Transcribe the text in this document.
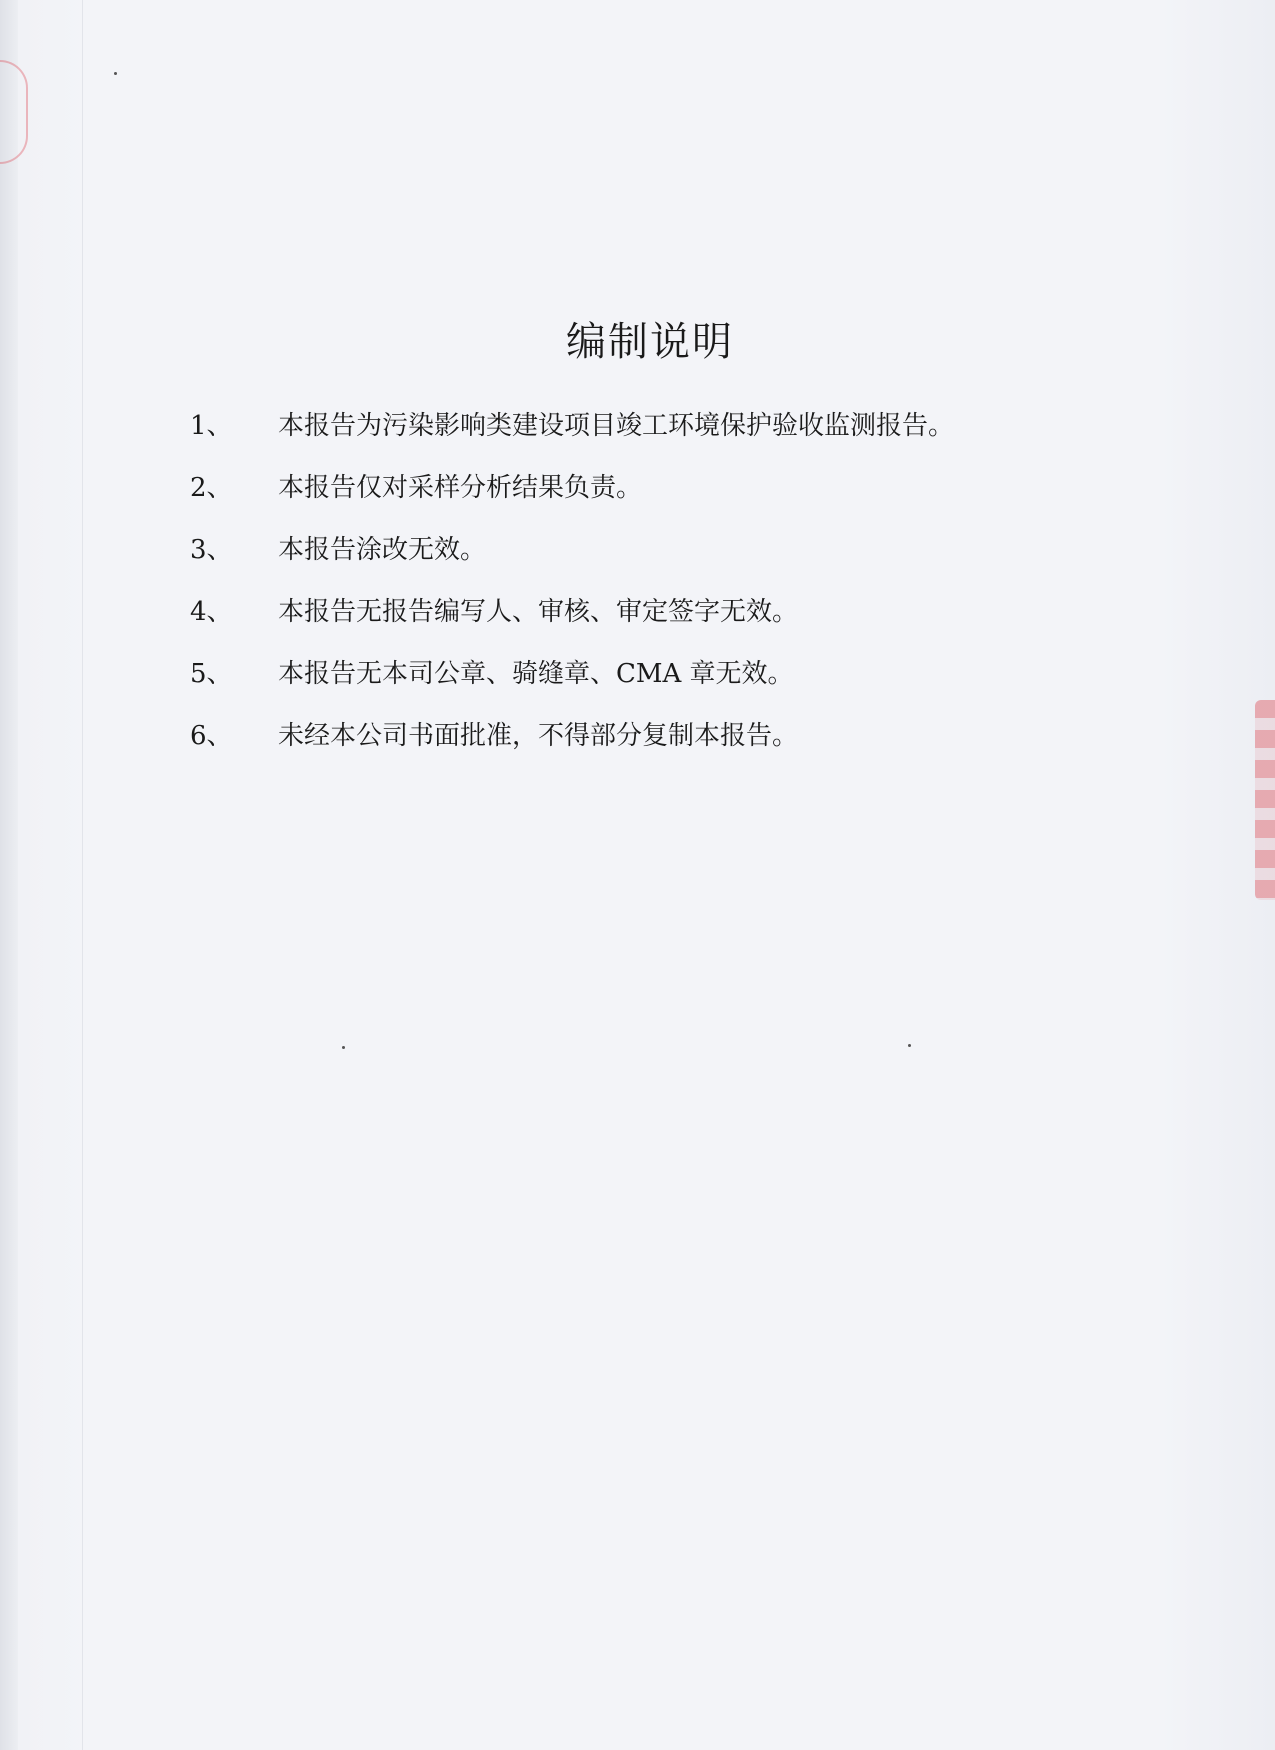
编制说明
1、	本报告为污染影响类建设项目竣工环境保护验收监测报告。
2、	本报告仅对采样分析结果负责。
3、	本报告涂改无效。
4、	本报告无报告编写人、审核、审定签字无效。
5、	本报告无本司公章、骑缝章、CMA 章无效。
6、	未经本公司书面批准，不得部分复制本报告。
